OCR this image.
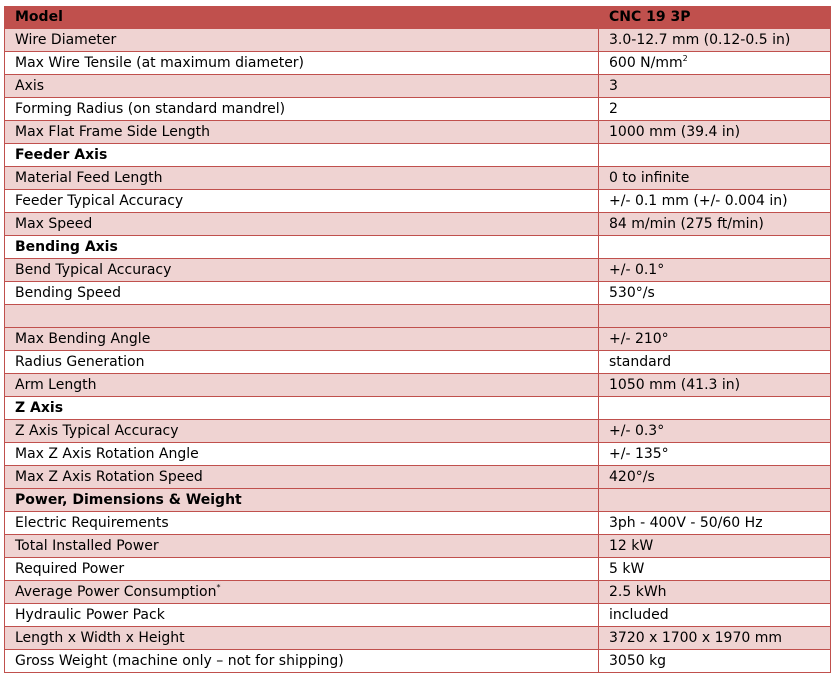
Model	CNC 19 3P
Wire Diameter	3.0-12.7 mm (0.12-0.5 in)
Max Wire Tensile (at maximum diameter)	600 $N/mm^2$
Axis	3
Forming Radius (on standard mandrel)	2
Max Flat Frame Side Length	1000 mm (39.4 in)
Feeder Axis	
Material Feed Length	0 to infinite
Feeder Typical Accuracy	+/- 0.1 mm (+/- 0.004 in)
Max Speed	84 m/min (275 ft/min)
Bending Axis	
Bend Typical Accuracy	+/- 0.1°
Bending Speed	530°/s

Max Bending Angle	+/- 210°
Radius Generation	standard
Arm Length	1050 mm (41.3 in)
Z Axis	
Z Axis Typical Accuracy	+/- 0.3°
Max Z Axis Rotation Angle	+/- 135°
Max Z Axis Rotation Speed	420°/s
Power, Dimensions & Weight	
Electric Requirements	3ph - 400V - 50/60 Hz
Total Installed Power	12 kW
Required Power	5 kW
Average Power Consumption*	2.5 kWh
Hydraulic Power Pack	included
Length x Width x Height	3720 x 1700 x 1970 mm
Gross Weight (machine only – not for shipping)	3050 kg
